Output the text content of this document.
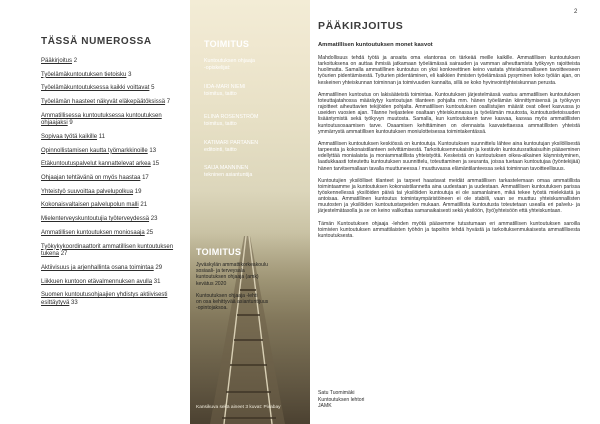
TÄSSÄ NUMEROSSA
Pääkirjoitus 2
Työelämäkuntoutuksen tietoisku 3
Työelämäkuntoutuksessa kaikki voittavat 5
Työelämän haasteet näkyvät eläkepäätöksissä 7
Ammatillisessa kuntoutuksessa kuntoutuksen ohjaajaksi 9
Sopivaa työtä kaikille 11
Opinnollistamisen kautta työmarkkinoille 13
Etäkuntoutuspalvelut kannattelevat arkea 15
Ohjaajan tehtävänä on myös haastaa 17
Yhteistyö suuvoittaa palvelupolkua 19
Kokonaisvaltaisen palvelupolun malli 21
Mielenterveyskuntoutujia työterveydessä 23
Ammatillisen kuntoutuksen moniosaaja 25
Työkykykoordinaattorit ammatillisen kuntoutuksen tukena 27
Aktiivisuus ja arjenhallinta osana toimintaa 29
Liikkuen kuntoon etävalmennuksen avulla 31
Suomen kuntoutusohjaajien yhdistys aktiivisesti esittäytyvä 33
TOIMITUS
Kuntoutuksen ohjaaja
-opiskelijat:
IIDA-MARI NIEMI
toimitus, taitto
ELINA ROSENSTRÖM
toimitus, taitto
KATIMARI PARTANEN
editointi, taitto
SAIJA MANNINEN
tekninen asiantuntija
TOIMITUS
Jyväskylän ammattikorkeakoulu
sosiaali- ja terveysala
kuntoutuksen ohjaaja (amk)
kevätus 2020
Kuntoutuksen ohjaaja -lehti
on osa kehittyvää asiantuntijuus
-opintojaksoa.
Kansikuva sekä aineet 3 kuvat: Pixabay
2
PÄÄKIRJOITUS
Ammatillisen kuntoutuksen monet kasvot

Mahdollisuus tehdä työtä ja ansaita oma elantonsa on tärkeää meille kaikille. Ammatillisen kuntoutuksen tarkoituksena on auttaa ihmisiä jatkamaan työelämässä sairauden ja vamman aiheuttamista työkyvyn rajoitteista huolimatta. Samalla ammatillinen kuntoutus on yksi konkreettinen keino vastata yhteiskunnalliseen tavoitteeseen työurien pidentämisestä. Työurien pidentäminen, eli kaikkien ihmisten työelämässä pysyminen koko työiän ajan, on keskeinen yhteiskunnan toiminnan ja toimivuuden kannalta, sillä se koko hyvinvointiyhteiskunnan perusta.

Ammatillinen kuntoutus on lakisääteistä toimintaa. Kuntoutuksen järjestelmässä vastuu ammatillisen kuntoutuksen toteuttajatahossa määräytyy kuntoutujan tilanteen pohjalta mm. hänen työelämän kiinnittymisensä ja työkyvyn rajoitteet aiheuttavien tekijöiden pohjalta. Ammatillisen kuntoutuksen osallistujien määrät ovat olleet kasvussa jo useiden vuosien ajan. Tilanne heijastelee osaltaan yhteiskunnassa ja työelämän muutosta, kuntoutustietoisuuden lisääntymistä sekä työkyvyn muutosta. Samalla, kun kuntoutuksen tarve kasvaa, kasvaa myös ammatillisten kuntoutusosaamisen tarve. Osaamisen kehittäminen on olennaista kasvatettaessa ammatillisten yhteistä ymmärrystä ammatillisen kuntoutuksen moniulotteisessa toimintakentässä.

Ammatillisen kuntoutuksen keskiössä on kuntoutuja. Kuntoutuksen suunnittelu lähtee aina kuntoutujan yksilöllisestä tarpeesta ja kokonaistilanteen selvittämisestä. Tarkoituksenmukaisiin ja kestäviin kuntoutusratkaisuihin pääseminen edellyttää monialaista ja moniammatillista yhteistyötä. Keskeistä on kuntoutuksen oikea-aikainen käynnistyminen, laadukkaasti toteutettu kuntoutuksen suunnittelu, toteuttaminen ja seuranta, joissa tuetaan kuntoutujaa (työntekijää) hänen tarvitsemallaan tavalla muuttuneessa / muuttuvassa elämäntilanteessa sekä toiminnan tavoitteellisuus.

Kuntoutujien yksilölliset tilanteet ja tarpeet haastavat meidät ammatillisen tarkastelemaan omaa ammatillista toimintaamme ja kuntoutuksen kokonaistilannetta aina uudestaan ja uudestaan. Ammatillisen kuntoutuksen parissa työskennellessä yksilöiden päivä tai yksilöiden kuntoutuja ei ole samanlainen, mikä tekee työstä mielekästä ja antoisaa. Ammatillinen kuntoutus toimintaympäristöineen ei ole stabiili, vaan se muuttuu yhteiskunnallisten muutosten ja yksilöiden kuntoutustarpeiden mukaan. Ammatillista kuntoutusta toteutetaan usealla eri palvelu- ja järjestelmätasolla ja se on keino valikuttaa samanaikaisesti sekä yksilöön, (työ)yhteisöön että yhteiskuntaan.

Tämän Kuntoutuksen ohjaaja -lehden myötä pääsemme tutustumaan eri ammatillisen kuntoutuksen saroilla toimivien kuntoutuksen ammattilaisten työhön ja tapoihin tehdä hyvästä ja tarkoituksenmukaisesta ammatillisesta kuntoutuksesta.

Satu Tuomimäki
Kuntoutuksen lehtori
JAMK
